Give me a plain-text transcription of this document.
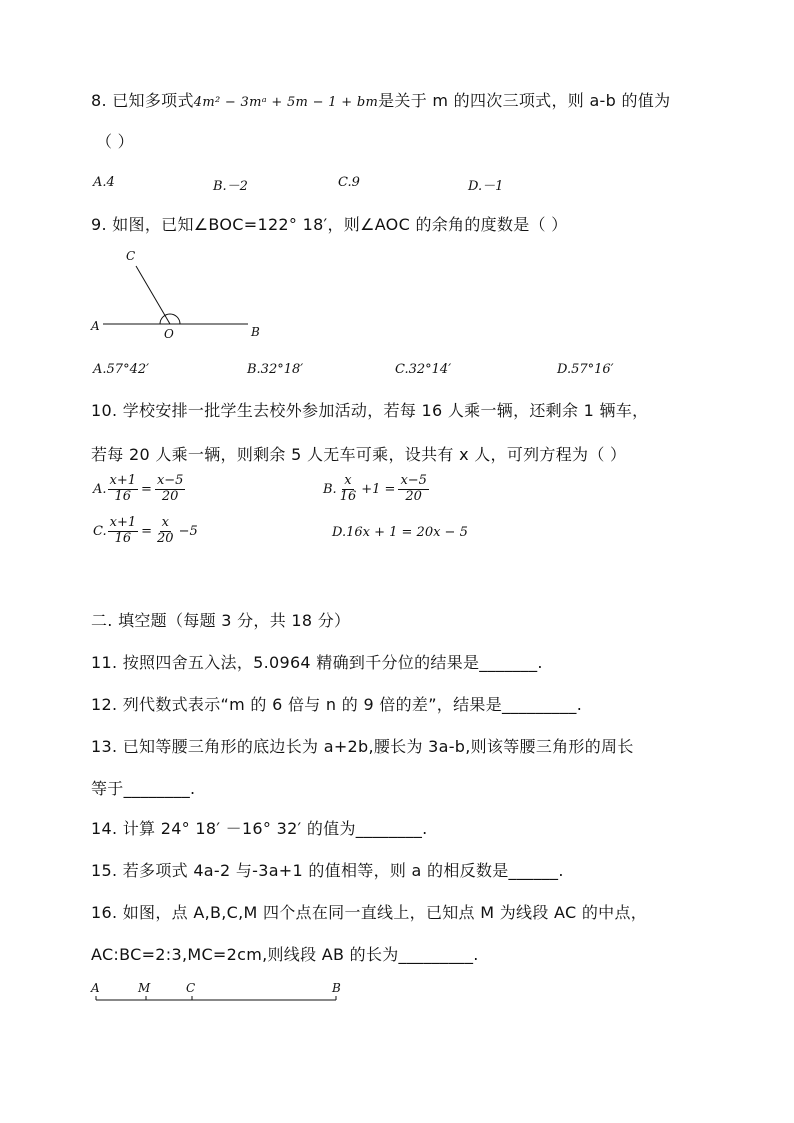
8. 已知多项式4m² − 3mᵃ + 5m − 1 + bm是关于 m 的四次三项式，则 a-b 的值为
（ ）
A.4	B.－2	C.9	D.－1
9. 如图，已知∠BOC=122° 18′，则∠AOC 的余角的度数是（ ）
C
A
O	B
A.57°42′	B.32°18′	C.32°14′	D.57°16′
10. 学校安排一批学生去校外参加活动，若每 16 人乘一辆，还剩余 1 辆车，
若每 20 人乘一辆，则剩余 5 人无车可乘，设共有 x 人，可列方程为（ ）
A. $\frac{x+1}{16} = \frac{x-5}{20}$	B. $\frac{x}{16} +1 = \frac{x-5}{20}$
C. $\frac{x+1}{16} = \frac{x}{20} -5$	D.16x + 1 = 20x − 5
二. 填空题（每题 3 分，共 18 分）
11. 按照四舍五入法，5.0964 精确到千分位的结果是_______.
12. 列代数式表示“m 的 6 倍与 n 的 9 倍的差”，结果是_________.
13. 已知等腰三角形的底边长为 a+2b,腰长为 3a-b,则该等腰三角形的周长
等于________.
14. 计算 24° 18′ －16° 32′ 的值为________.
15. 若多项式 4a-2 与-3a+1 的值相等，则 a 的相反数是______.
16. 如图，点 A,B,C,M 四个点在同一直线上，已知点 M 为线段 AC 的中点，
AC:BC=2:3,MC=2cm,则线段 AB 的长为_________.
A	M	C	B
